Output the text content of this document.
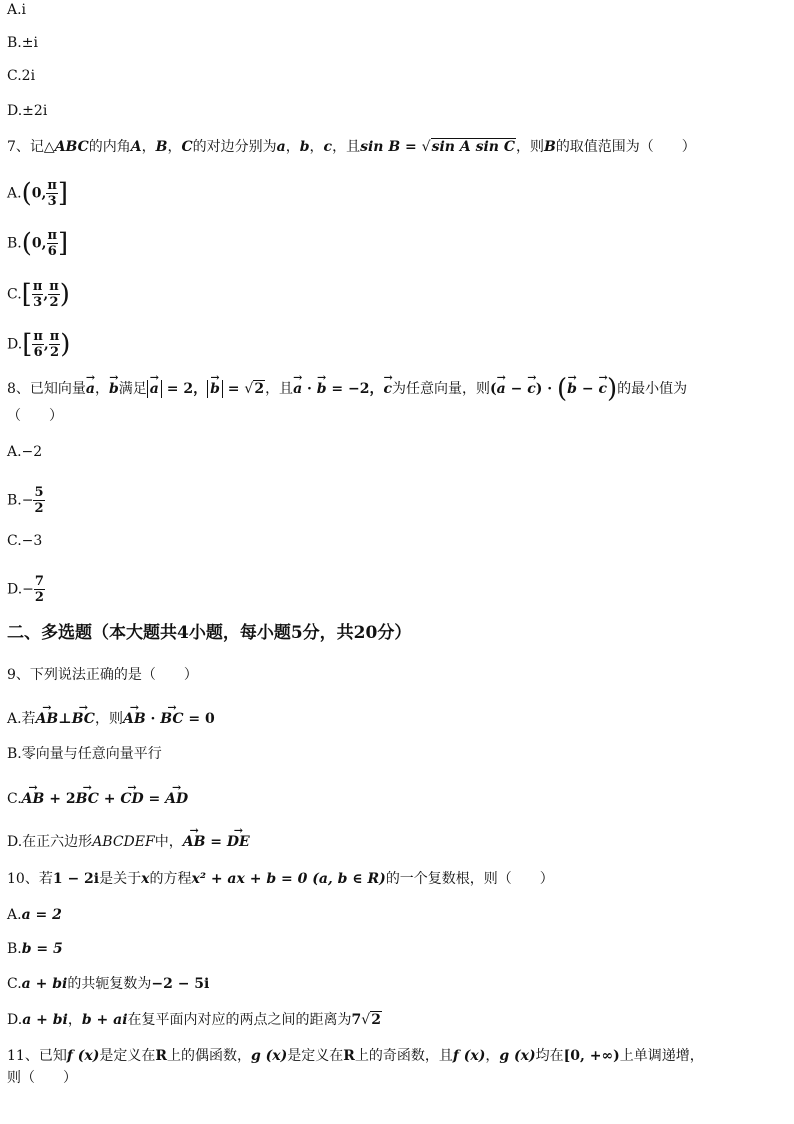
A.i
B.±i
C.2i
D.±2i
7、记△ABC的内角A，B，C的对边分别为a，b，c，且sin B = √sin A sin C，则B的取值范围为（　　）
A.(0, $\frac{\pi}{3}$ ]
B.(0, $\frac{\pi}{6}$ ]
$C.[ \frac{\pi}{3}$ , $\frac{\pi}{2}$ )
$D.[ \frac{\pi}{6}$ , $\frac{\pi}{2}$ )
8、已知向量→ a，→ b满足 → a = 2， → b = √2，且→ a · → b = −2，→ c为任意向量，则(→ a − → c) · (→ b − → c)的最小值为
（　　）
A.−2
$B.- \frac{5}{2}$
C.−3
$D.- \frac{7}{2}$
二、多选题（本大题共4小题，每小题5分，共20分）
9、下列说法正确的是（　　）
A.若→ AB⊥→ BC，则→ AB · → BC = 0
B.零向量与任意向量平行
C.→ AB + 2→ BC + → CD = → AD
D.在正六边形ABCDEF中，→ AB = → DE
10、若1 − 2i是关于x的方程x² + ax + b = 0 (a, b ∈ R)的一个复数根，则（　　）
A.a = 2
B.b = 5
C.a + bi的共轭复数为−2 − 5i
D.a + bi，b + ai在复平面内对应的两点之间的距离为7√2
11、已知f (x)是定义在R上的偶函数，g (x)是定义在R上的奇函数，且f (x)，g (x)均在[0, +∞)上单调递增，
则（　　）
